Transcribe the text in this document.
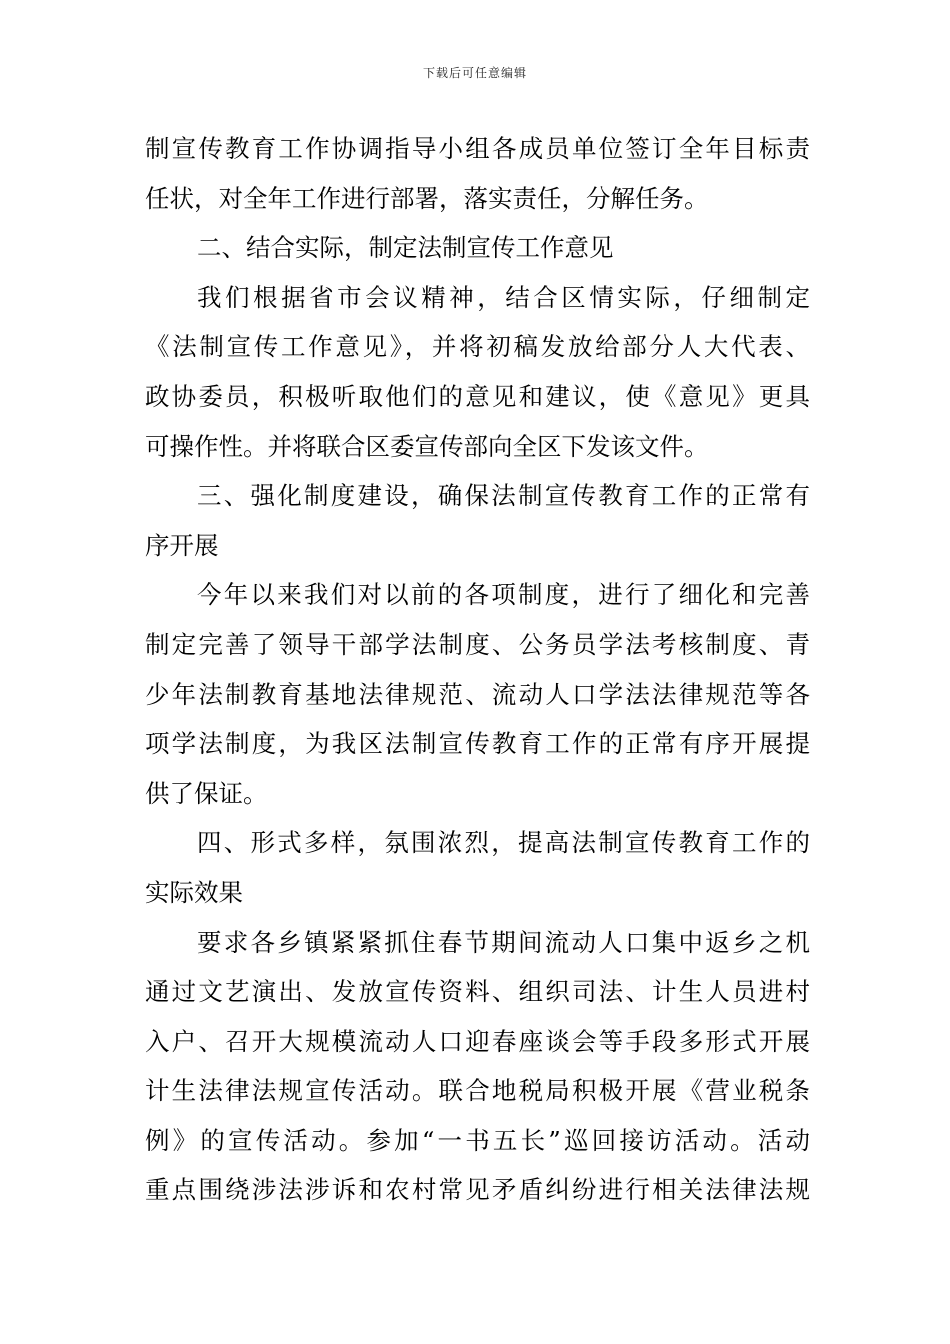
下载后可任意编辑
制宣传教育工作协调指导小组各成员单位签订全年目标责
任状，对全年工作进行部署，落实责任，分解任务。
二、结合实际，制定法制宣传工作意见
我们根据省市会议精神，结合区情实际，仔细制定
《法制宣传工作意见》，并将初稿发放给部分人大代表、
政协委员，积极听取他们的意见和建议，使《意见》更具
可操作性。并将联合区委宣传部向全区下发该文件。
三、强化制度建设，确保法制宣传教育工作的正常有
序开展
今年以来我们对以前的各项制度，进行了细化和完善
制定完善了领导干部学法制度、公务员学法考核制度、青
少年法制教育基地法律规范、流动人口学法法律规范等各
项学法制度，为我区法制宣传教育工作的正常有序开展提
供了保证。
四、形式多样，氛围浓烈，提高法制宣传教育工作的
实际效果
要求各乡镇紧紧抓住春节期间流动人口集中返乡之机
通过文艺演出、发放宣传资料、组织司法、计生人员进村
入户、召开大规模流动人口迎春座谈会等手段多形式开展
计生法律法规宣传活动。联合地税局积极开展《营业税条
例》的宣传活动。参加“一书五长”巡回接访活动。活动
重点围绕涉法涉诉和农村常见矛盾纠纷进行相关法律法规
